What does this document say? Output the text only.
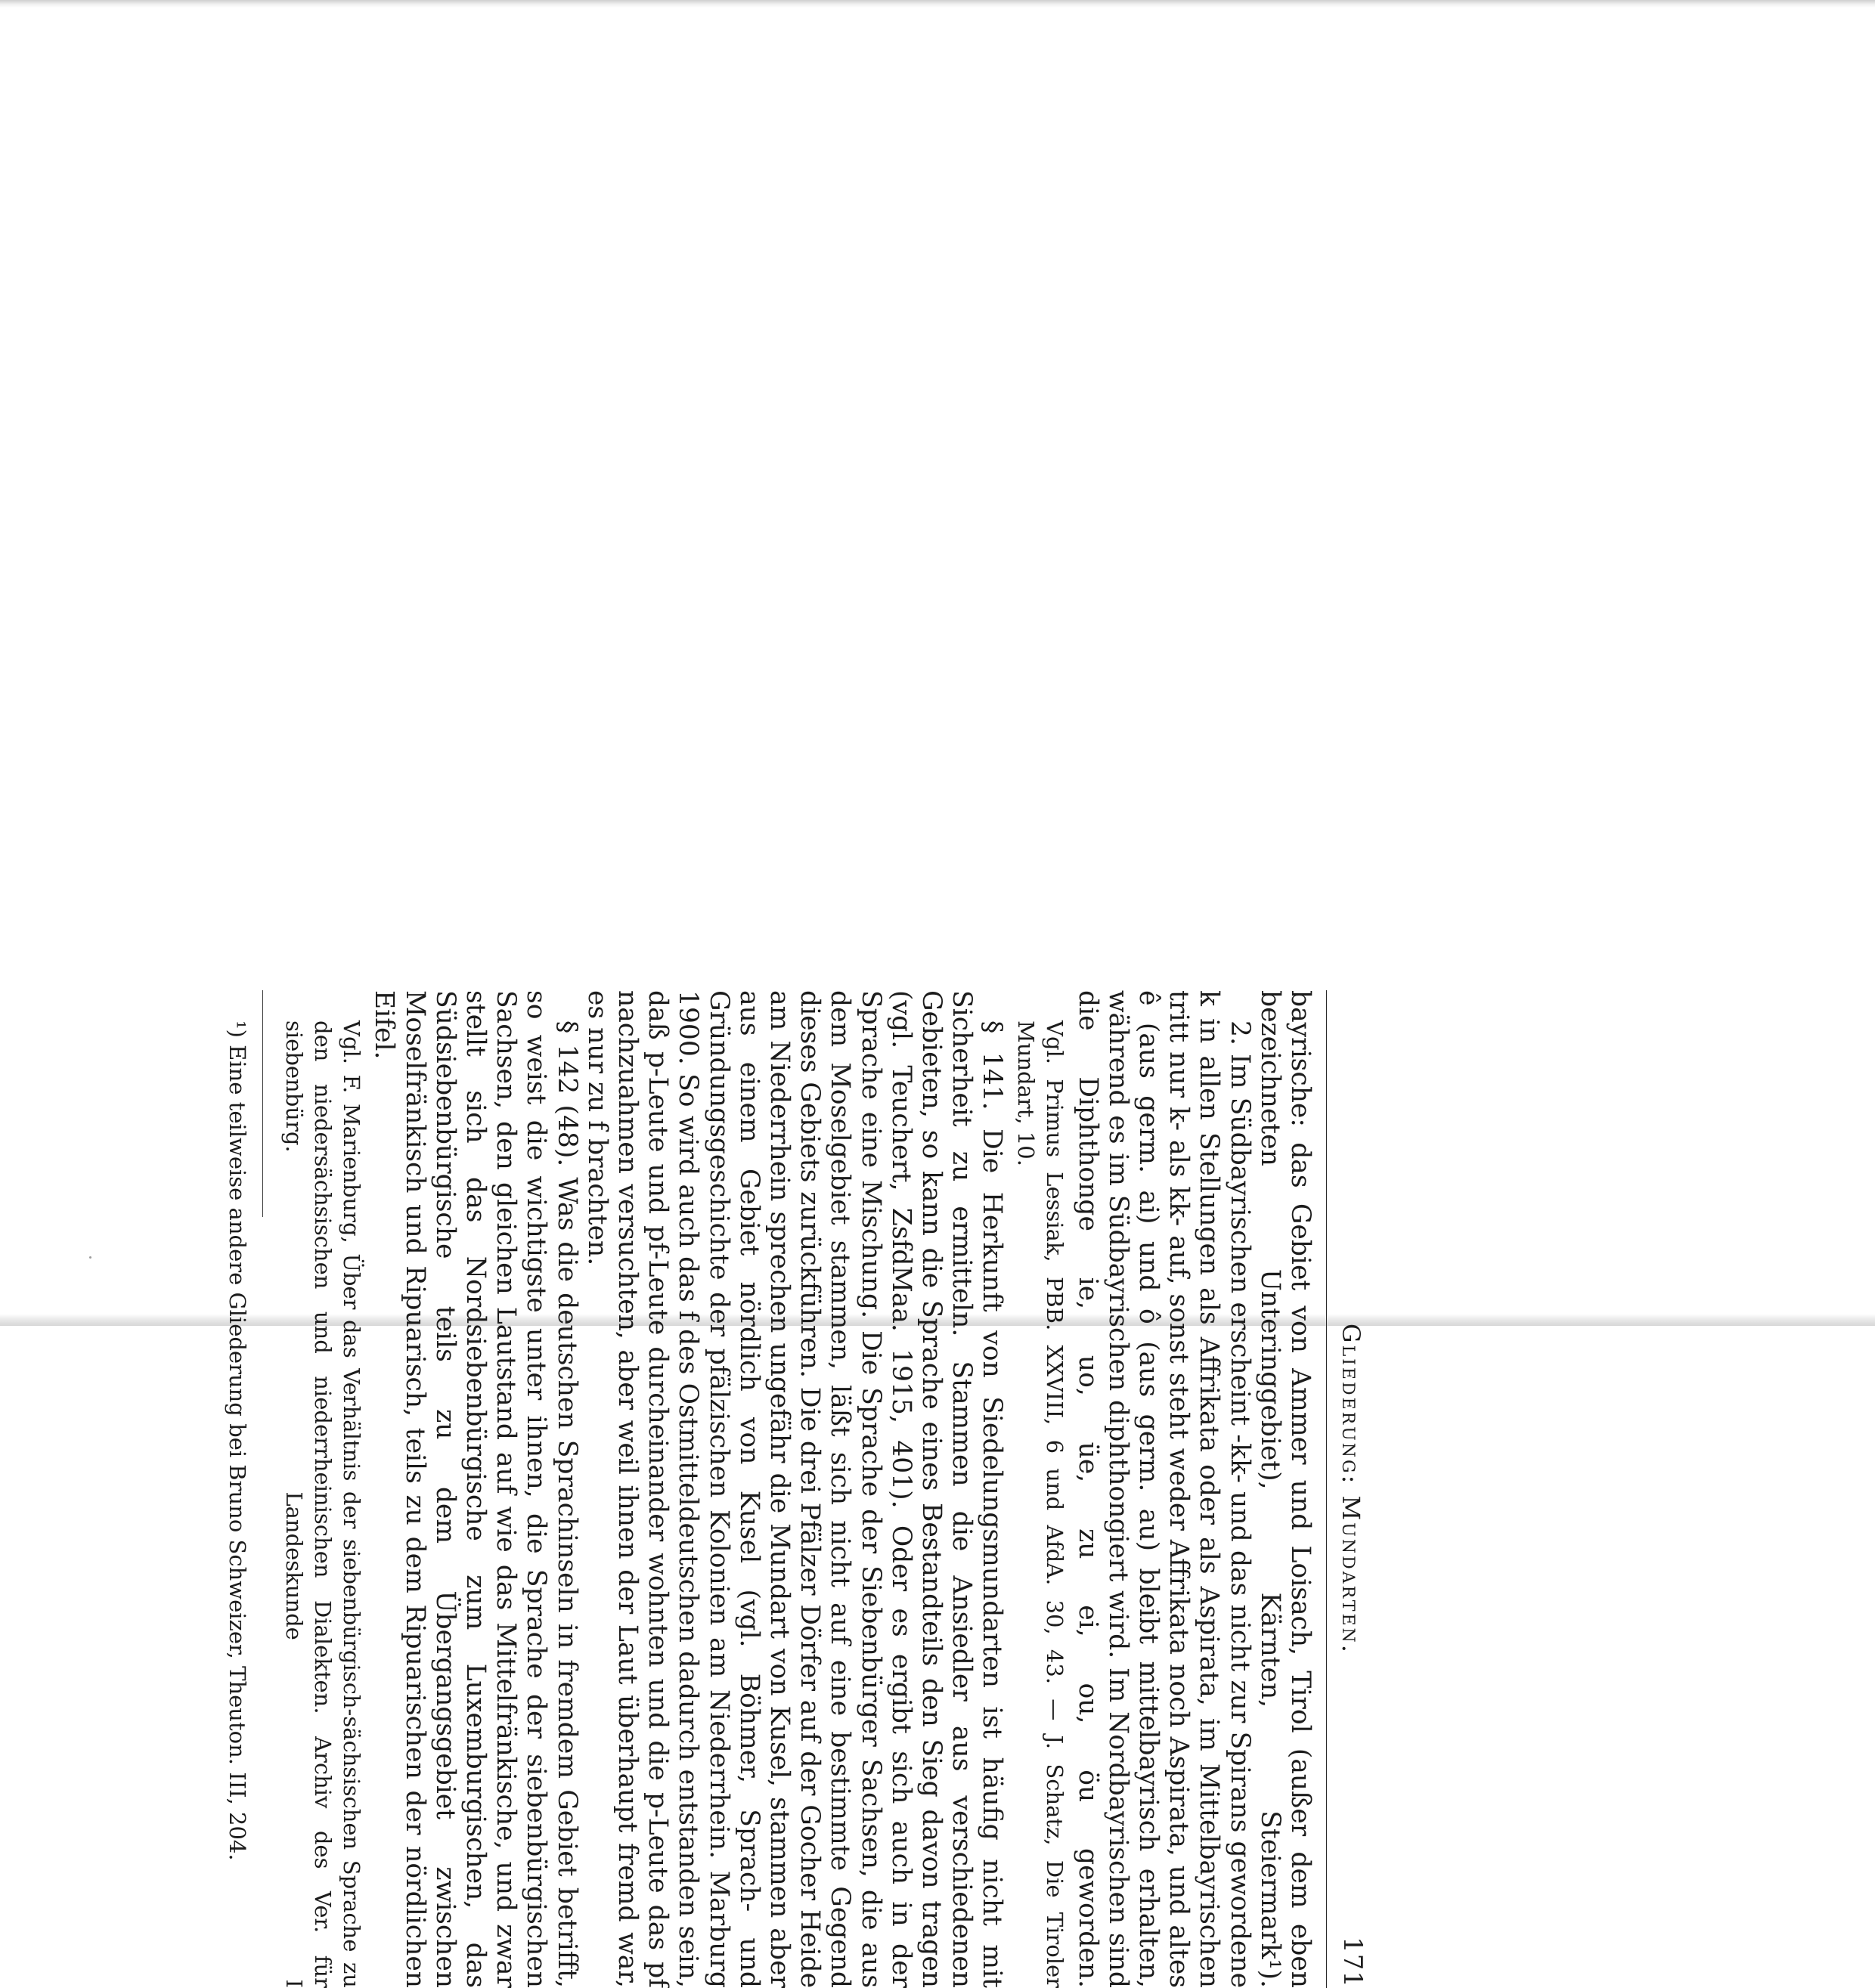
Gliederung: Mundarten.
171

bayrische: das Gebiet von Ammer und Loisach, Tirol (außer dem eben bezeichneten Unteringgebiet), Kärnten, Steiermark¹).

2. Im Südbayrischen erscheint -kk- und das nicht zur Spirans gewordene k in allen Stellungen als Affrikata oder als Aspirata, im Mittelbayrischen tritt nur k- als kk- auf, sonst steht weder Affrikata noch Aspirata, und altes ê (aus germ. ai) und ô (aus germ. au) bleibt mittelbayrisch erhalten, während es im Südbayrischen diphthongiert wird. Im Nordbayrischen sind die Diphthonge ie, uo, üe, zu ei, ou, öu geworden.

Vgl. Primus Lessiak, PBB. XXVIII, 6 und AfdA. 30, 43. — J. Schatz, Die Tiroler Mundart, 10.

§ 141. Die Herkunft von Siedelungsmundarten ist häufig nicht mit Sicherheit zu ermitteln. Stammen die Ansiedler aus verschiedenen Gebieten, so kann die Sprache eines Bestandteils den Sieg davon tragen (vgl. Teuchert, ZsfdMaa. 1915, 401). Oder es ergibt sich auch in der Sprache eine Mischung. Die Sprache der Siebenbürger Sachsen, die aus dem Moselgebiet stammen, läßt sich nicht auf eine bestimmte Gegend dieses Gebiets zurückführen. Die drei Pfälzer Dörfer auf der Gocher Heide am Niederrhein sprechen ungefähr die Mundart von Kusel, stammen aber aus einem Gebiet nördlich von Kusel (vgl. Böhmer, Sprach- und Gründungsgeschichte der pfälzischen Kolonien am Niederrhein. Marburg 1900. So wird auch das f des Ostmitteldeutschen dadurch entstanden sein, daß p-Leute und pf-Leute durcheinander wohnten und die p-Leute das pf nachzuahmen versuchten, aber weil ihnen der Laut überhaupt fremd war, es nur zu f brachten.

§ 142 (48). Was die deutschen Sprachinseln in fremdem Gebiet betrifft, so weist die wichtigste unter ihnen, die Sprache der siebenbürgischen Sachsen, den gleichen Lautstand auf wie das Mittelfränkische, und zwar stellt sich das Nordsiebenbürgische zum Luxemburgischen, das Südsiebenbürgische teils zu dem Übergangsgebiet zwischen Moselfränkisch und Ripuarisch, teils zu dem Ripuarischen der nördlichen Eifel.

Vgl. F. Marienburg, Über das Verhältnis der siebenbürgisch-sächsischen Sprache zu den niedersächsischen und niederrheinischen Dialekten. Archiv des Ver. für siebenbürg. Landeskunde I

¹) Eine teilweise andere Gliederung bei Bruno Schweizer, Theuton. III, 204.
